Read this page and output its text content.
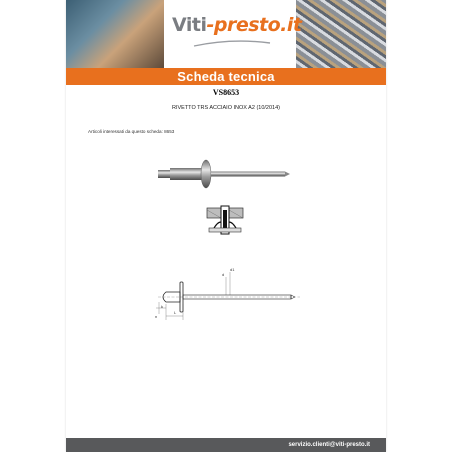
Viti-presto.it
Scheda tecnica
VS8653
RIVETTO TRS ACCIAIO INOX A2 (10/2014)
Articoli interessati da questo scheda: 8653
d
d1
k
L
n
servizio.clienti@viti-presto.it
